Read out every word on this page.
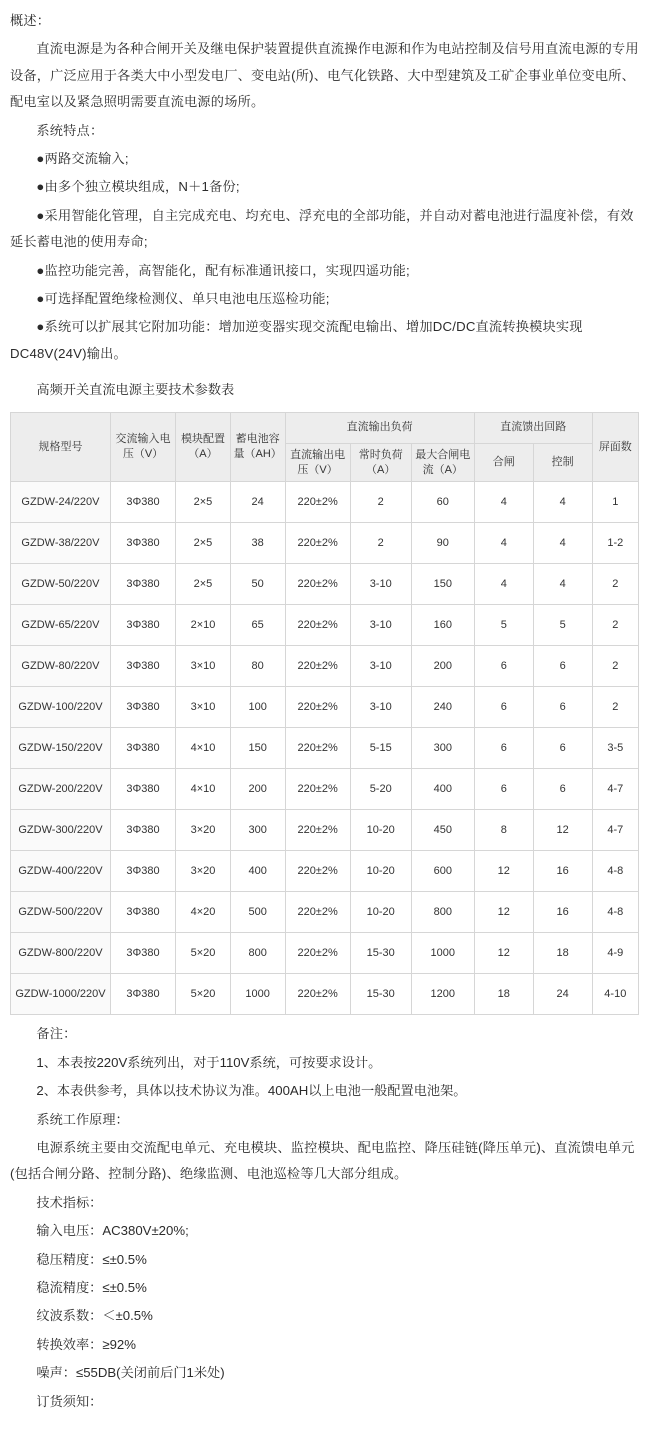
概述：

直流电源是为各种合闸开关及继电保护装置提供直流操作电源和作为电站控制及信号用直流电源的专用设备，广泛应用于各类大中小型发电厂、变电站(所)、电气化铁路、大中型建筑及工矿企事业单位变电所、配电室以及紧急照明需要直流电源的场所。

系统特点：

●两路交流输入;

●由多个独立模块组成，N＋1备份;

●采用智能化管理，自主完成充电、均充电、浮充电的全部功能，并自动对蓄电池进行温度补偿，有效延长蓄电池的使用寿命;

●监控功能完善，高智能化，配有标准通讯接口，实现四遥功能;

●可选择配置绝缘检测仪、单只电池电压巡检功能;

●系统可以扩展其它附加功能：增加逆变器实现交流配电输出、增加DC/DC直流转换模块实现DC48V(24V)输出。

高频开关直流电源主要技术参数表

规格型号	交流输入电压（V）	模块配置（A）	蓄电池容量（AH）	直流输出负荷			直流馈出回路		屏面数
				直流输出电压（V）	常时负荷（A）	最大合闸电流（A）	合闸	控制	
GZDW-24/220V	3Φ380	2×5	24	220±2%	2	60	4	4	1
GZDW-38/220V	3Φ380	2×5	38	220±2%	2	90	4	4	1-2
GZDW-50/220V	3Φ380	2×5	50	220±2%	3-10	150	4	4	2
GZDW-65/220V	3Φ380	2×10	65	220±2%	3-10	160	5	5	2
GZDW-80/220V	3Φ380	3×10	80	220±2%	3-10	200	6	6	2
GZDW-100/220V	3Φ380	3×10	100	220±2%	3-10	240	6	6	2
GZDW-150/220V	3Φ380	4×10	150	220±2%	5-15	300	6	6	3-5
GZDW-200/220V	3Φ380	4×10	200	220±2%	5-20	400	6	6	4-7
GZDW-300/220V	3Φ380	3×20	300	220±2%	10-20	450	8	12	4-7
GZDW-400/220V	3Φ380	3×20	400	220±2%	10-20	600	12	16	4-8
GZDW-500/220V	3Φ380	4×20	500	220±2%	10-20	800	12	16	4-8
GZDW-800/220V	3Φ380	5×20	800	220±2%	15-30	1000	12	18	4-9
GZDW-1000/220V	3Φ380	5×20	1000	220±2%	15-30	1200	18	24	4-10

备注：

1、本表按220V系统列出，对于110V系统，可按要求设计。

2、本表供参考，具体以技术协议为准。400AH以上电池一般配置电池架。

系统工作原理：

电源系统主要由交流配电单元、充电模块、监控模块、配电监控、降压硅链(降压单元)、直流馈电单元(包括合闸分路、控制分路)、绝缘监测、电池巡检等几大部分组成。

技术指标：

输入电压：AC380V±20%;

稳压精度：≤±0.5%

稳流精度：≤±0.5%

纹波系数：＜±0.5%

转换效率：≥92%

噪声：≤55DB(关闭前后门1米处)

订货须知：
